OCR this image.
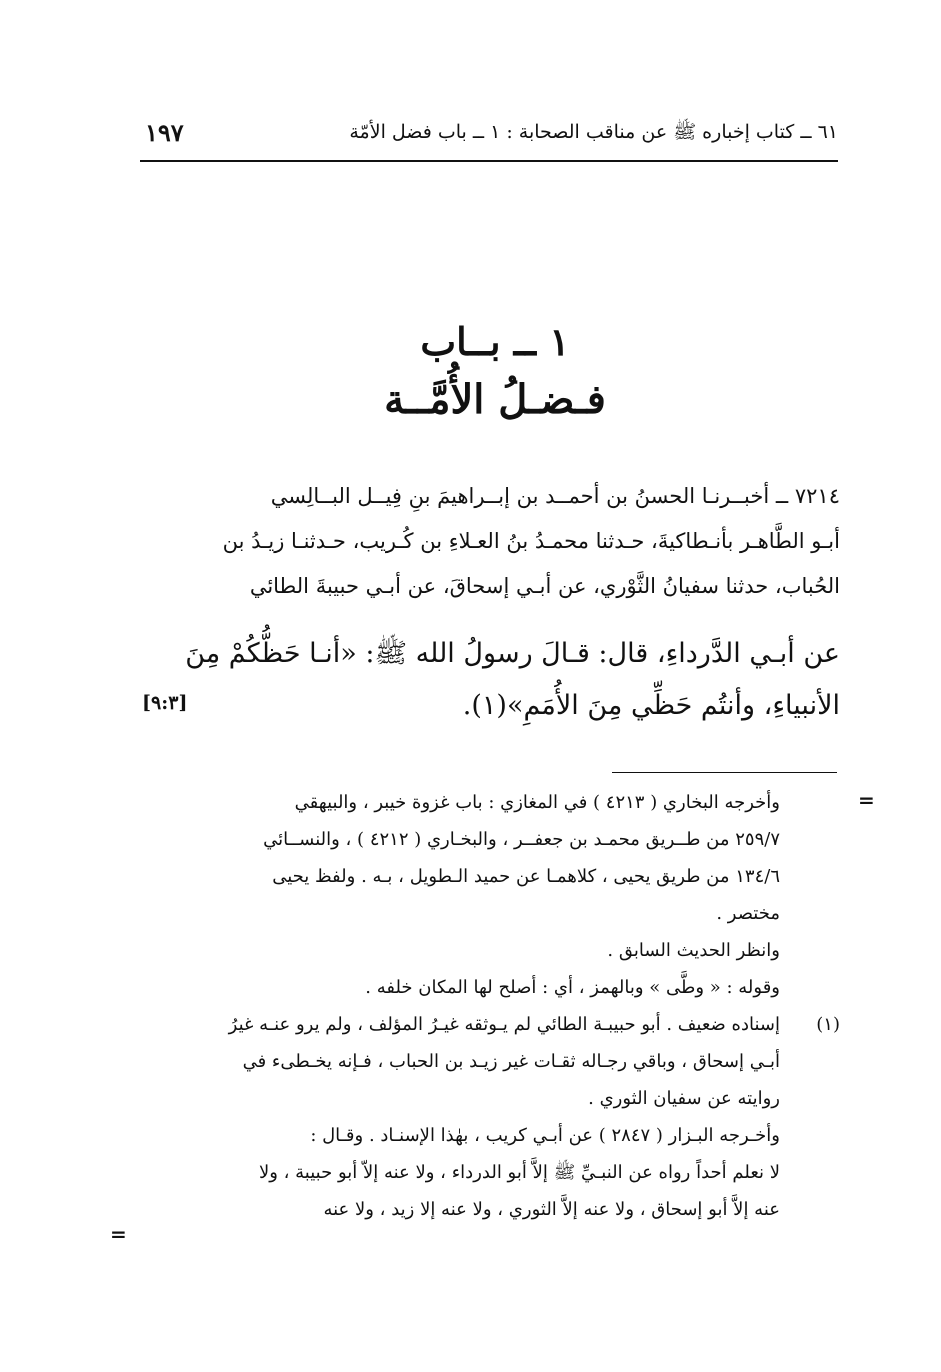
١٩٧	٦١ ــ كتاب إخباره ﷺ عن مناقب الصحابة : ١ ــ باب فضل الأمّة
١ ــ بــاب
فـضـلُ الأُمَّــة

٧٢١٤ ــ أخبــرنـا الحسنُ بن أحمــد بن إبــراهيمَ بنِ فِيــل البــالِسي

أبـو الطَّاهـر بأنـطاكيةَ، حـدثنا محمـدُ بنُ العـلاءِ بن كُـريب، حـدثنـا زيـدُ بن

الحُباب، حدثنا سفيانُ الثَّوْري، عن أبـي إسحاقَ، عن أبـي حبيبةَ الطائي

عن أبـي الدَّرداءِ، قال: قـالَ رسولُ الله ﷺ: «أنـا حَظُّكُمْ مِنَ

الأنبياءِ، وأنتُم حَظِّي مِنَ الأُمَمِ»(١).

[٩:٣]
=

وأخرجه البخاري ( ٤٢١٣ ) في المغازي : باب غزوة خيبر ، والبيهقي

٢٥٩/٧ من طــريق محمـد بن جعفــر ، والبخـاري ( ٤٢١٢ ) ، والنســائي

١٣٤/٦ من طريق يحيى ، كلاهمـا عن حميد الـطويل ، بـه . ولفظ يحيى

مختصر .

وانظر الحديث السابق .

وقوله : « وطَّى » وبالهمز ، أي : أصلح لها المكان خلفه .

(١)
إسناده ضعيف . أبو حبيبـة الطائي لم يـوثقه غيـرُ المؤلف ، ولم يرو عنـه غيرُ

أبـي إسحاق ، وباقي رجـاله ثقـات غير زيـد بن الحباب ، فـإنه يخـطىء في

روايته عن سفيان الثوري .

وأخـرجه البـزار ( ٢٨٤٧ ) عن أبـي كريب ، بهٰذا الإسنـاد . وقـال :

لا نعلم أحداً رواه عن النبـيِّ ﷺ إلاَّ أبو الدرداء ، ولا عنه إلاّ أبو حبيبة ، ولا

عنه إلاَّ أبو إسحاق ، ولا عنه إلاَّ الثوري ، ولا عنه إلا زيد ، ولا عنه

=
